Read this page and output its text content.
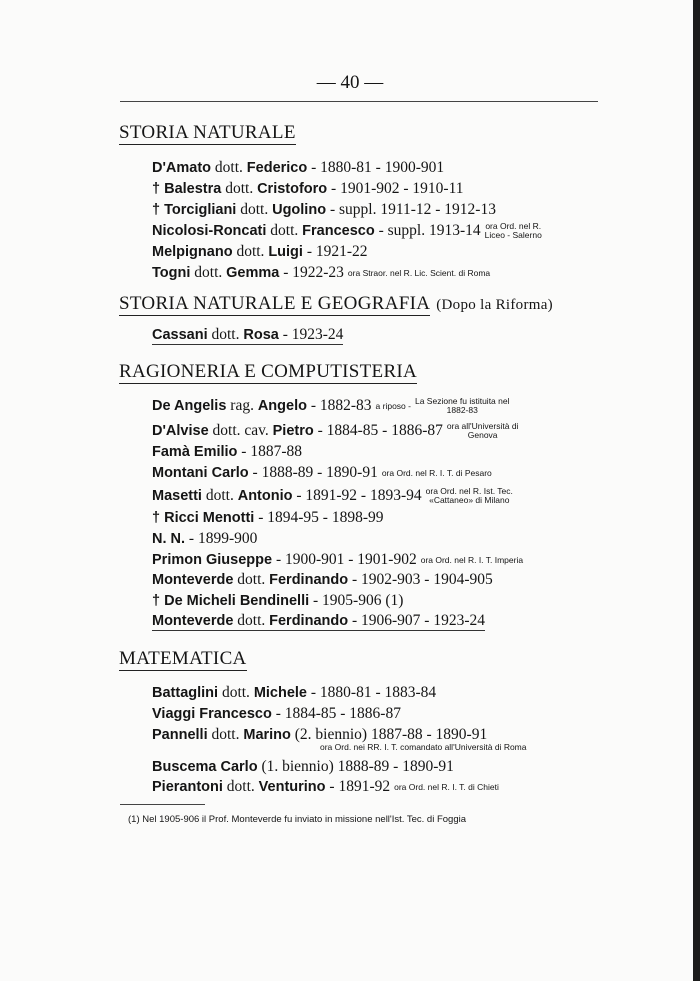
— 40 —
STORIA NATURALE
D'Amato dott. Federico - 1880-81 - 1900-901
† Balestra dott. Cristoforo - 1901-902 - 1910-11
† Torcigliani dott. Ugolino - suppl. 1911-12 - 1912-13
Nicolosi-Roncati dott. Francesco - suppl. 1913-14 ora Ord. nel R.
Liceo - Salerno
Melpignano dott. Luigi - 1921-22
Togni dott. Gemma - 1922-23 ora Straor. nel R. Lic. Scient. di Roma
STORIA NATURALE E GEOGRAFIA (Dopo la Riforma)
Cassani dott. Rosa - 1923-24
RAGIONERIA E COMPUTISTERIA
De Angelis rag. Angelo - 1882-83 a riposo - La Sezione fu istituita nel
1882-83
D'Alvise dott. cav. Pietro - 1884-85 - 1886-87 ora all'Università di
Genova
Famà Emilio - 1887-88
Montani Carlo - 1888-89 - 1890-91 ora Ord. nel R. I. T. di Pesaro
Masetti dott. Antonio - 1891-92 - 1893-94 ora Ord. nel R. Ist. Tec.
«Cattaneo» di Milano
† Ricci Menotti - 1894-95 - 1898-99
N. N. - 1899-900
Primon Giuseppe - 1900-901 - 1901-902 ora Ord. nel R. I. T. Imperia
Monteverde dott. Ferdinando - 1902-903 - 1904-905
† De Micheli Bendinelli - 1905-906 (1)
Monteverde dott. Ferdinando - 1906-907 - 1923-24
MATEMATICA
Battaglini dott. Michele - 1880-81 - 1883-84
Viaggi Francesco - 1884-85 - 1886-87
Pannelli dott. Marino (2. biennio) 1887-88 - 1890-91
Buscema Carlo (1. biennio) 1888-89 - 1890-91
Pierantoni dott. Venturino - 1891-92 ora Ord. nel R. I. T. di Chieti
ora Ord. nei RR. I. T. comandato all'Università di Roma
(1) Nel 1905-906 il Prof. Monteverde fu inviato in missione nell'Ist. Tec. di Foggia
